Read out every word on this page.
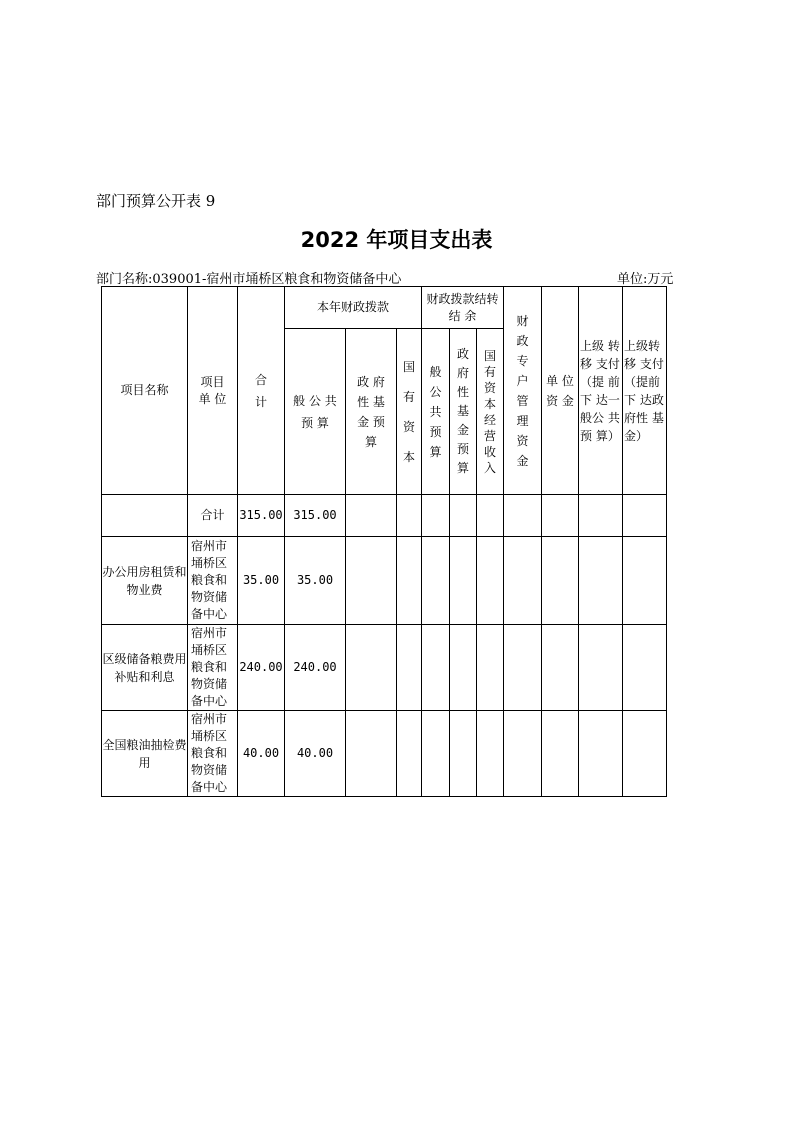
部门预算公开表 9
2022 年项目支出表
部门名称:039001-宿州市埇桥区粮食和物资储备中心	单位:万元
项目名称	项目 单 位	合 计	本年财政拨款			财政拨款结转结 余			财 政 专 户 管 理 资 金	单 位 资 金	上级 转 移 支付（提 前 下 达一 般公 共 预 算）	上级转 移 支付 （提前 下 达政 府性 基 金）

			般 公 共 预 算	政 府 性 基 金 预 算	国 有 资 本	般 公 共 预 算	政 府 性 基 金 预 算	国 有 资 本 经 营 收 入				

	合计	315.00	315.00									
办公用房租赁和物业费	宿州市埇桥区粮食和物资储备中心	35.00	35.00									
区级储备粮费用补贴和利息	宿州市埇桥区粮食和物资储备中心	240.00	240.00									
全国粮油抽检费用	宿州市埇桥区粮食和物资储备中心	40.00	40.00									
